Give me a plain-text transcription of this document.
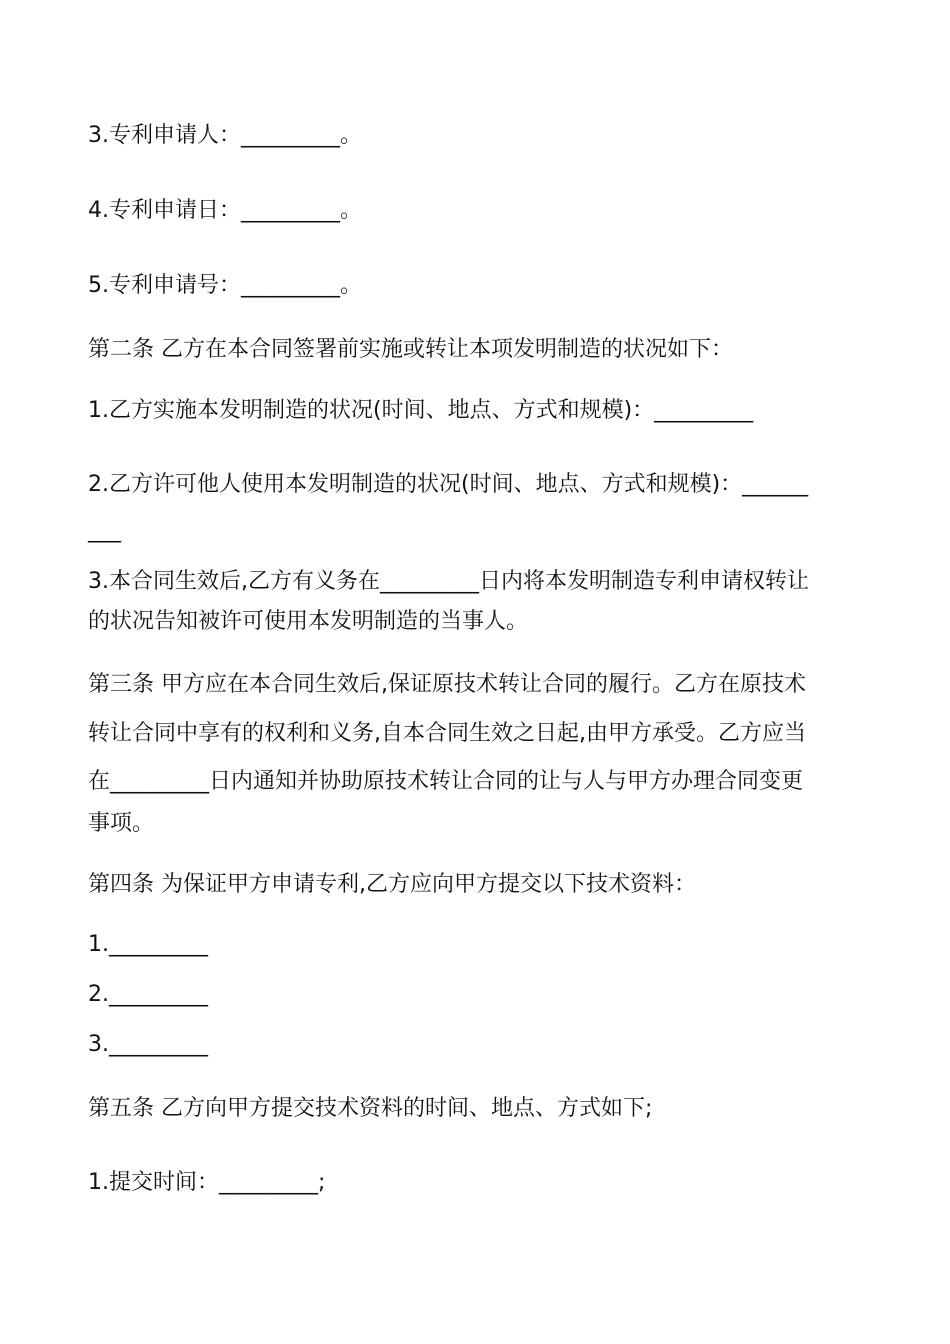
3.专利申请人：_________。

4.专利申请日：_________。

5.专利申请号：_________。

第二条 乙方在本合同签署前实施或转让本项发明制造的状况如下：

1.乙方实施本发明制造的状况(时间、地点、方式和规模)：_________

2.乙方许可他人使用本发明制造的状况(时间、地点、方式和规模)：______

___

3.本合同生效后,乙方有义务在_________日内将本发明制造专利申请权转让

的状况告知被许可使用本发明制造的当事人。

第三条 甲方应在本合同生效后,保证原技术转让合同的履行。乙方在原技术

转让合同中享有的权利和义务,自本合同生效之日起,由甲方承受。乙方应当

在_________日内通知并协助原技术转让合同的让与人与甲方办理合同变更

事项。

第四条 为保证甲方申请专利,乙方应向甲方提交以下技术资料：

1._________

2._________

3._________

第五条 乙方向甲方提交技术资料的时间、地点、方式如下;

1.提交时间：_________;
